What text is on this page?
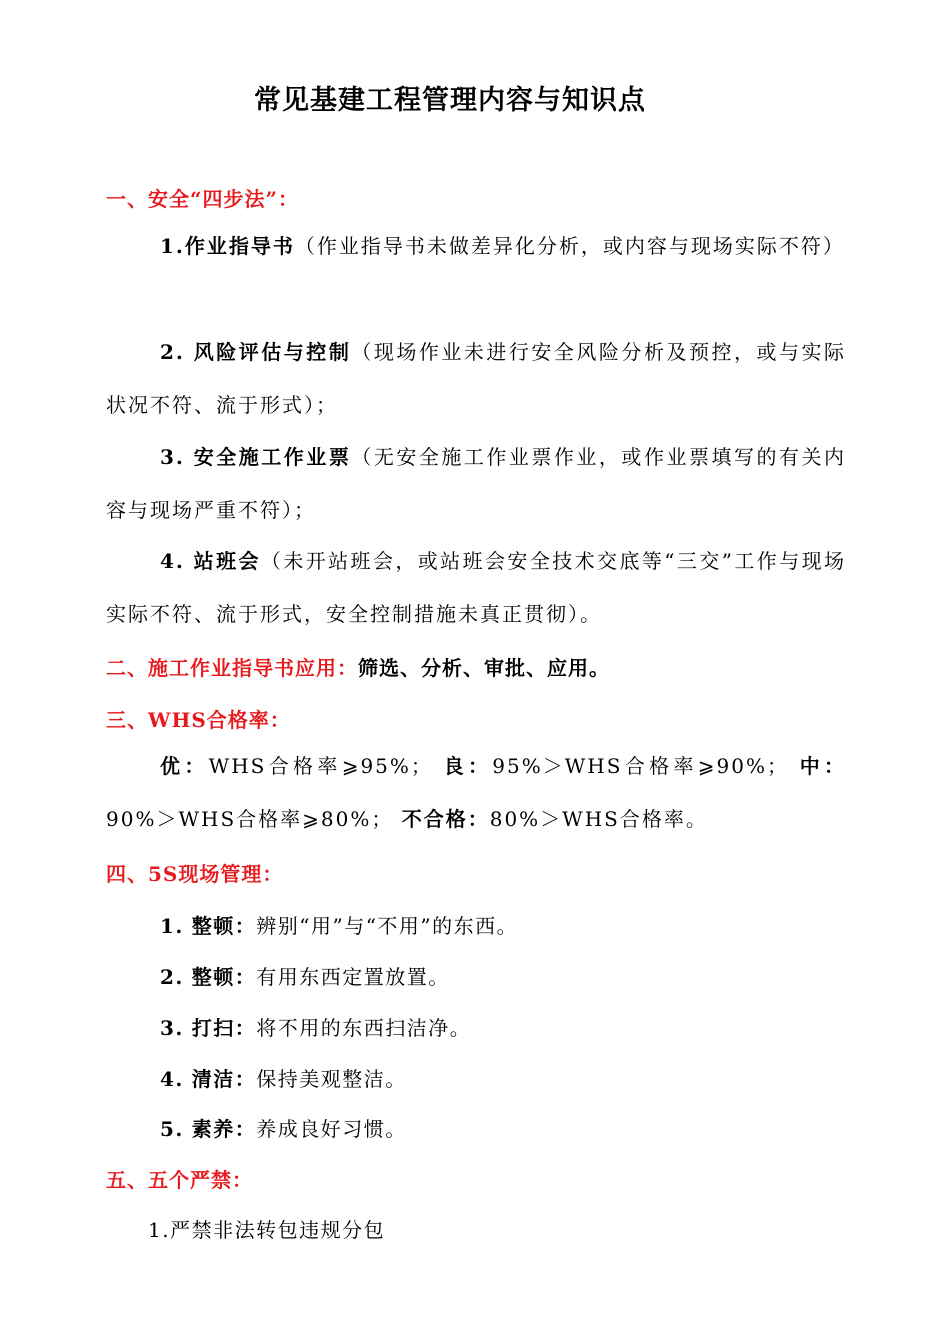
常见基建工程管理内容与知识点
一、安全“四步法”：
1.作业指导书（作业指导书未做差异化分析，或内容与现场实际不符）
2. 风险评估与控制（现场作业未进行安全风险分析及预控，或与实际状况不符、流于形式）；
3. 安全施工作业票（无安全施工作业票作业，或作业票填写的有关内容与现场严重不符）；
4. 站班会（未开站班会，或站班会安全技术交底等“三交”工作与现场实际不符、流于形式，安全控制措施未真正贯彻）。
二、施工作业指导书应用：筛选、分析、审批、应用。
三、WHS合格率：
优：WHS合格率⩾95%； 良：95%＞WHS合格率⩾90%； 中：90%＞WHS合格率⩾80%； 不合格：80%＞WHS合格率。
四、5S现场管理：
1. 整顿：辨别“用”与“不用”的东西。
2. 整顿：有用东西定置放置。
3. 打扫：将不用的东西扫洁净。
4. 清洁：保持美观整洁。
5. 素养：养成良好习惯。
五、五个严禁：
1.严禁非法转包违规分包
